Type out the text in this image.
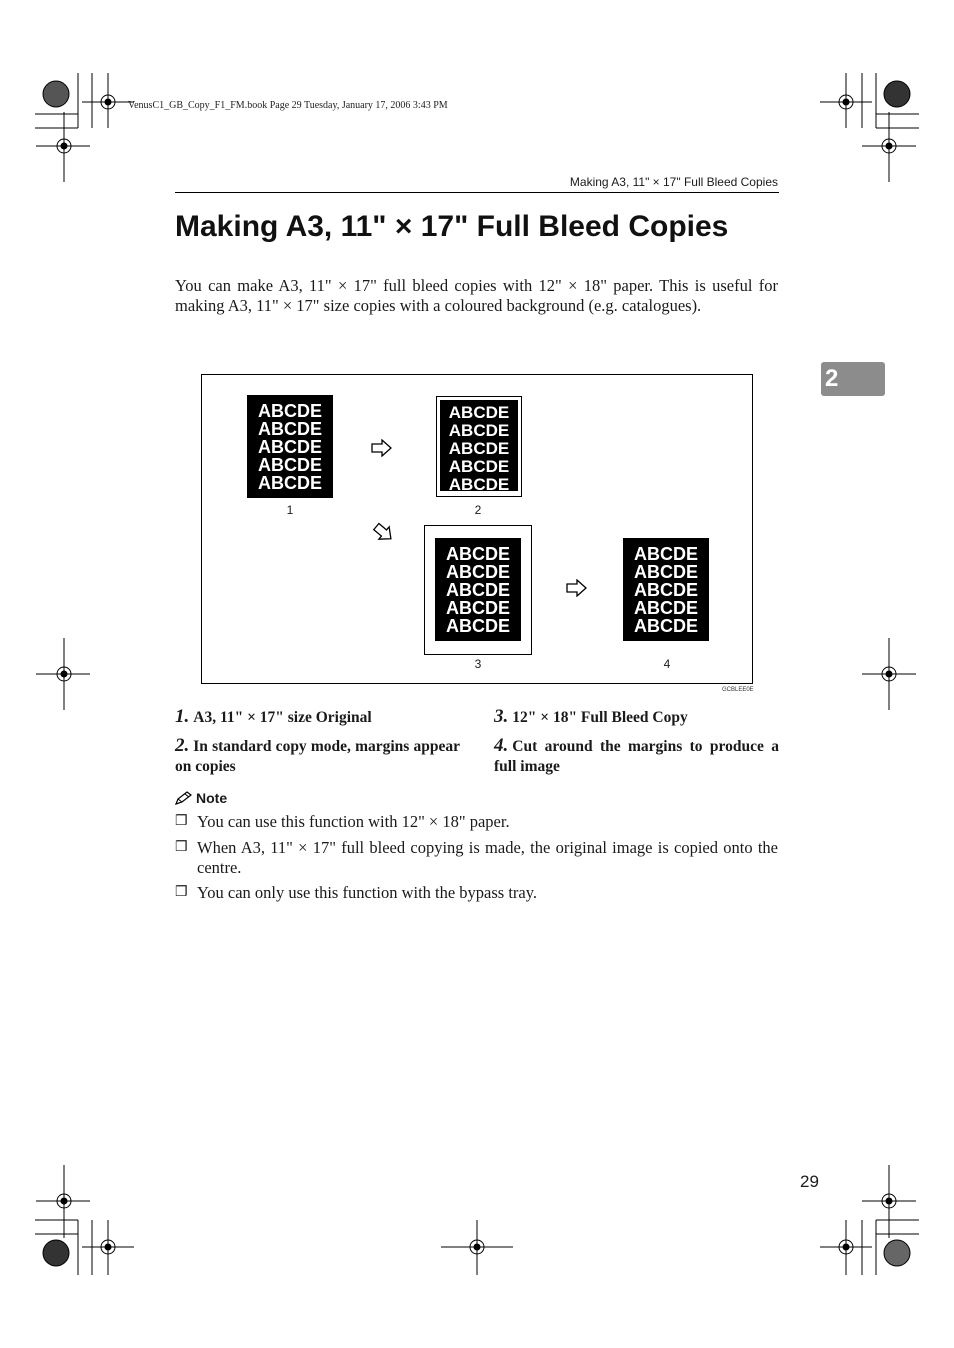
VenusC1_GB_Copy_F1_FM.book Page 29 Tuesday, January 17, 2006 3:43 PM
Making A3, 11" × 17" Full Bleed Copies
2
Making A3, 11" × 17" Full Bleed Copies

You can make A3, 11" × 17" full bleed copies with 12" × 18" paper. This is useful for making A3, 11" × 17" size copies with a coloured background (e.g. catalogues).

ABCDE
ABCDE
ABCDE
ABCDE
ABCDE
1
ABCDE
ABCDE
ABCDE
ABCDE
ABCDE
2
ABCDE
ABCDE
ABCDE
ABCDE
ABCDE
3
ABCDE
ABCDE
ABCDE
ABCDE
ABCDE
4
GCBLEE0E
1. A3, 11" × 17" size Original	3. 12" × 18" Full Bleed Copy
2. In standard copy mode, margins appear on copies
4. Cut around the margins to produce a full image
Note
❒ You can use this function with 12" × 18" paper.
❒ When A3, 11" × 17" full bleed copying is made, the original image is copied onto the centre.
❒ You can only use this function with the bypass tray.
29
